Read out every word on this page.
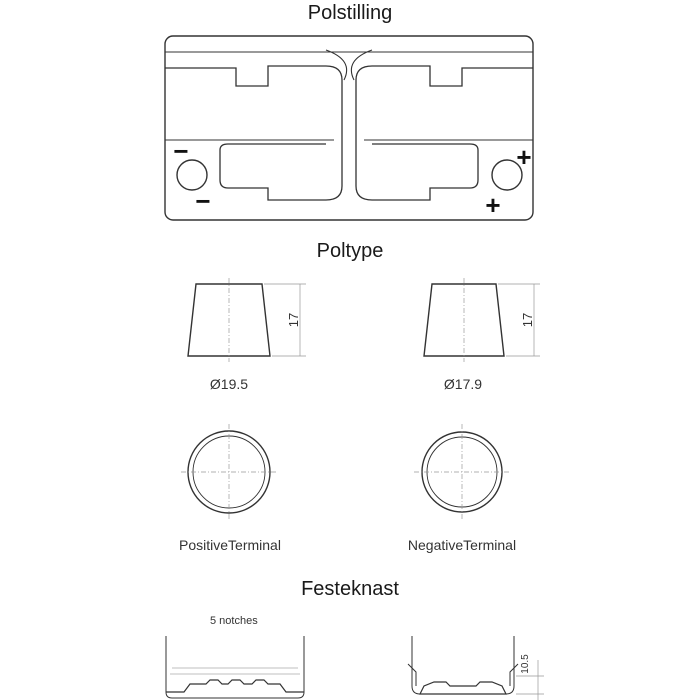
Polstilling
Poltype
Festeknast
−
−
+
+
17	17
10.5
Ø19.5	Ø17.9
PositiveTerminal	NegativeTerminal
5 notches
